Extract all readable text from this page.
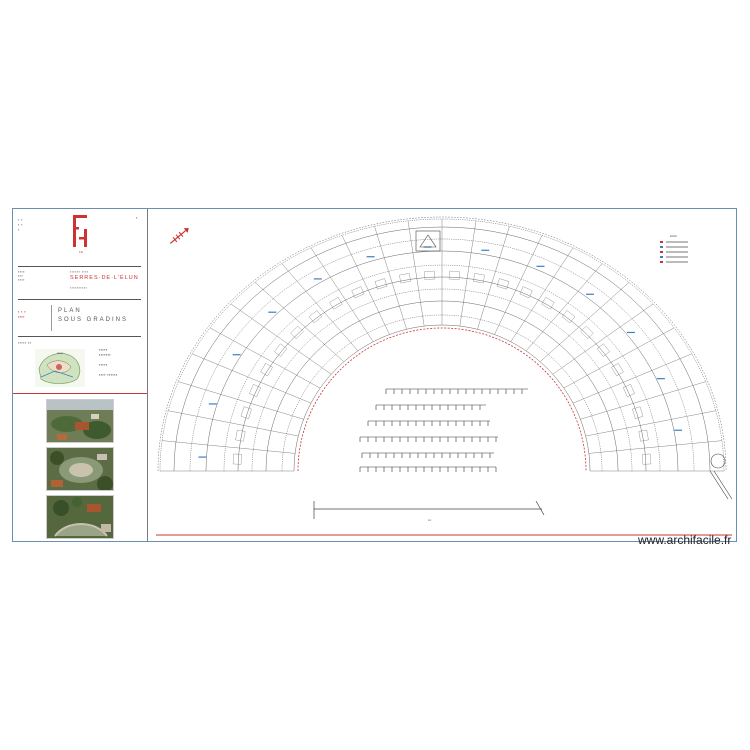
FH
▪ ▪
▪ ▪
▪
▪
▪▪▪▪
▪▪▪
▪▪▪▪
▪▪▪▪▪▪ ▪▪▪▪
SERRES·DE·L'ÉLUN
▪▪▪▪▪▪▪▪▪▪
▪ ▪ ▪
▪▪▪▪
PLAN
SOUS GRADINS
▪▪▪▪▪▪
▪▪▪▪▪ ▪▪
▪▪▪▪▪
▪▪▪▪▪▪▪

▪▪▪▪▪

▪▪▪▪ ▪▪▪▪▪▪
▪▪▪
▪▪▪▪▪▪
www.archifacile.fr
